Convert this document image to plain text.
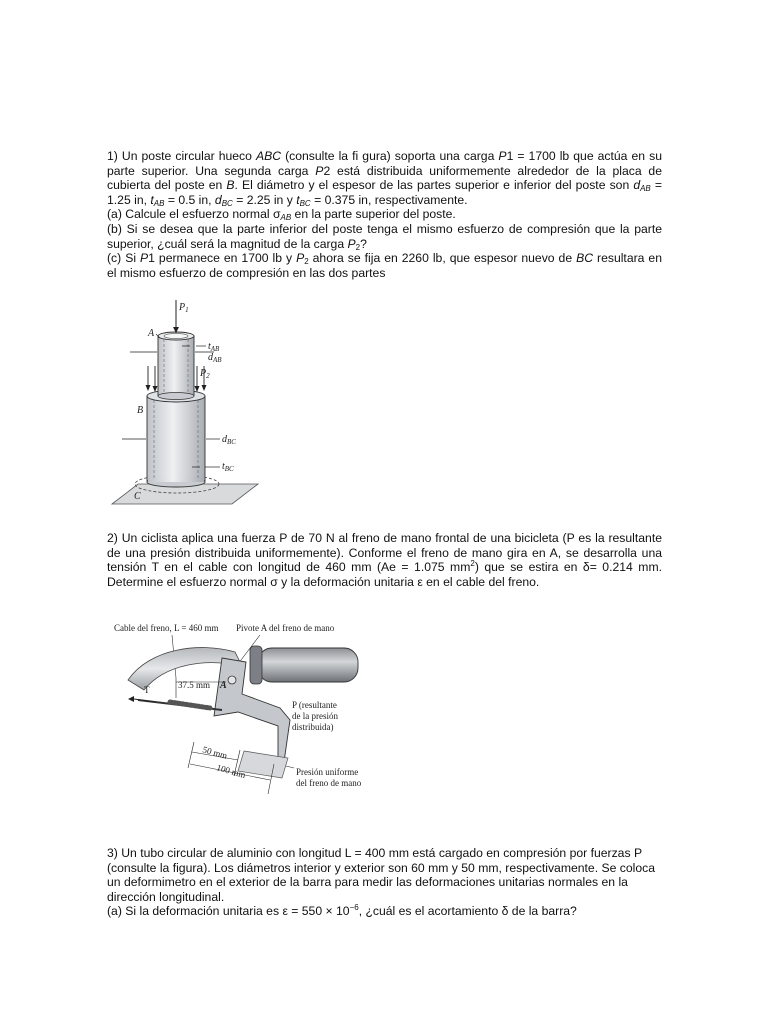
1) Un poste circular hueco ABC (consulte la fi gura) soporta una carga P1 = 1700 lb que actúa en su parte superior. Una segunda carga P2 está distribuida uniformemente alrededor de la placa de cubierta del poste en B. El diámetro y el espesor de las partes superior e inferior del poste son $d_{AB} = 1.25$ in, $t_{AB} = 0.5$ in, $d_{BC} = 2.25$ in y $t_{BC} = 0.375$ in, respectivamente.

(a) Calcule el esfuerzo normal $\sigma_{AB}$ en la parte superior del poste.

(b) Si se desea que la parte inferior del poste tenga el mismo esfuerzo de compresión que la parte superior, ¿cuál será la magnitud de la carga $P_2$?

(c) Si P1 permanece en 1700 lb y $P_2$ ahora se fija en 2260 lb, que espesor nuevo de BC resultara en el mismo esfuerzo de compresión en las dos partes

$P_1$
A
$t_{AB}$
$d_{AB}$
$P_2$
B
$d_{BC}$
$t_{BC}$
C

2) Un ciclista aplica una fuerza P de 70 N al freno de mano frontal de una bicicleta (P es la resultante de una presión distribuida uniformemente). Conforme el freno de mano gira en A, se desarrolla una tensión T en el cable con longitud de 460 mm (Ae = 1.075 $mm^2$) que se estira en δ= 0.214 mm. Determine el esfuerzo normal σ y la deformación unitaria ε en el cable del freno.

Cable del freno, L = 460 mm Pivote A del freno de mano
37.5 mm A
T
P (resultante
de la presión
distribuida)
50 mm
100 mm	Presión uniforme
del freno de mano

3) Un tubo circular de aluminio con longitud L = 400 mm está cargado en compresión por fuerzas P (consulte la figura). Los diámetros interior y exterior son 60 mm y 50 mm, respectivamente. Se coloca un deformimetro en el exterior de la barra para medir las deformaciones unitarias normales en la dirección longitudinal.

(a) Si la deformación unitaria es $\varepsilon = 550 \times 10^{-6}$, ¿cuál es el acortamiento δ de la barra?
